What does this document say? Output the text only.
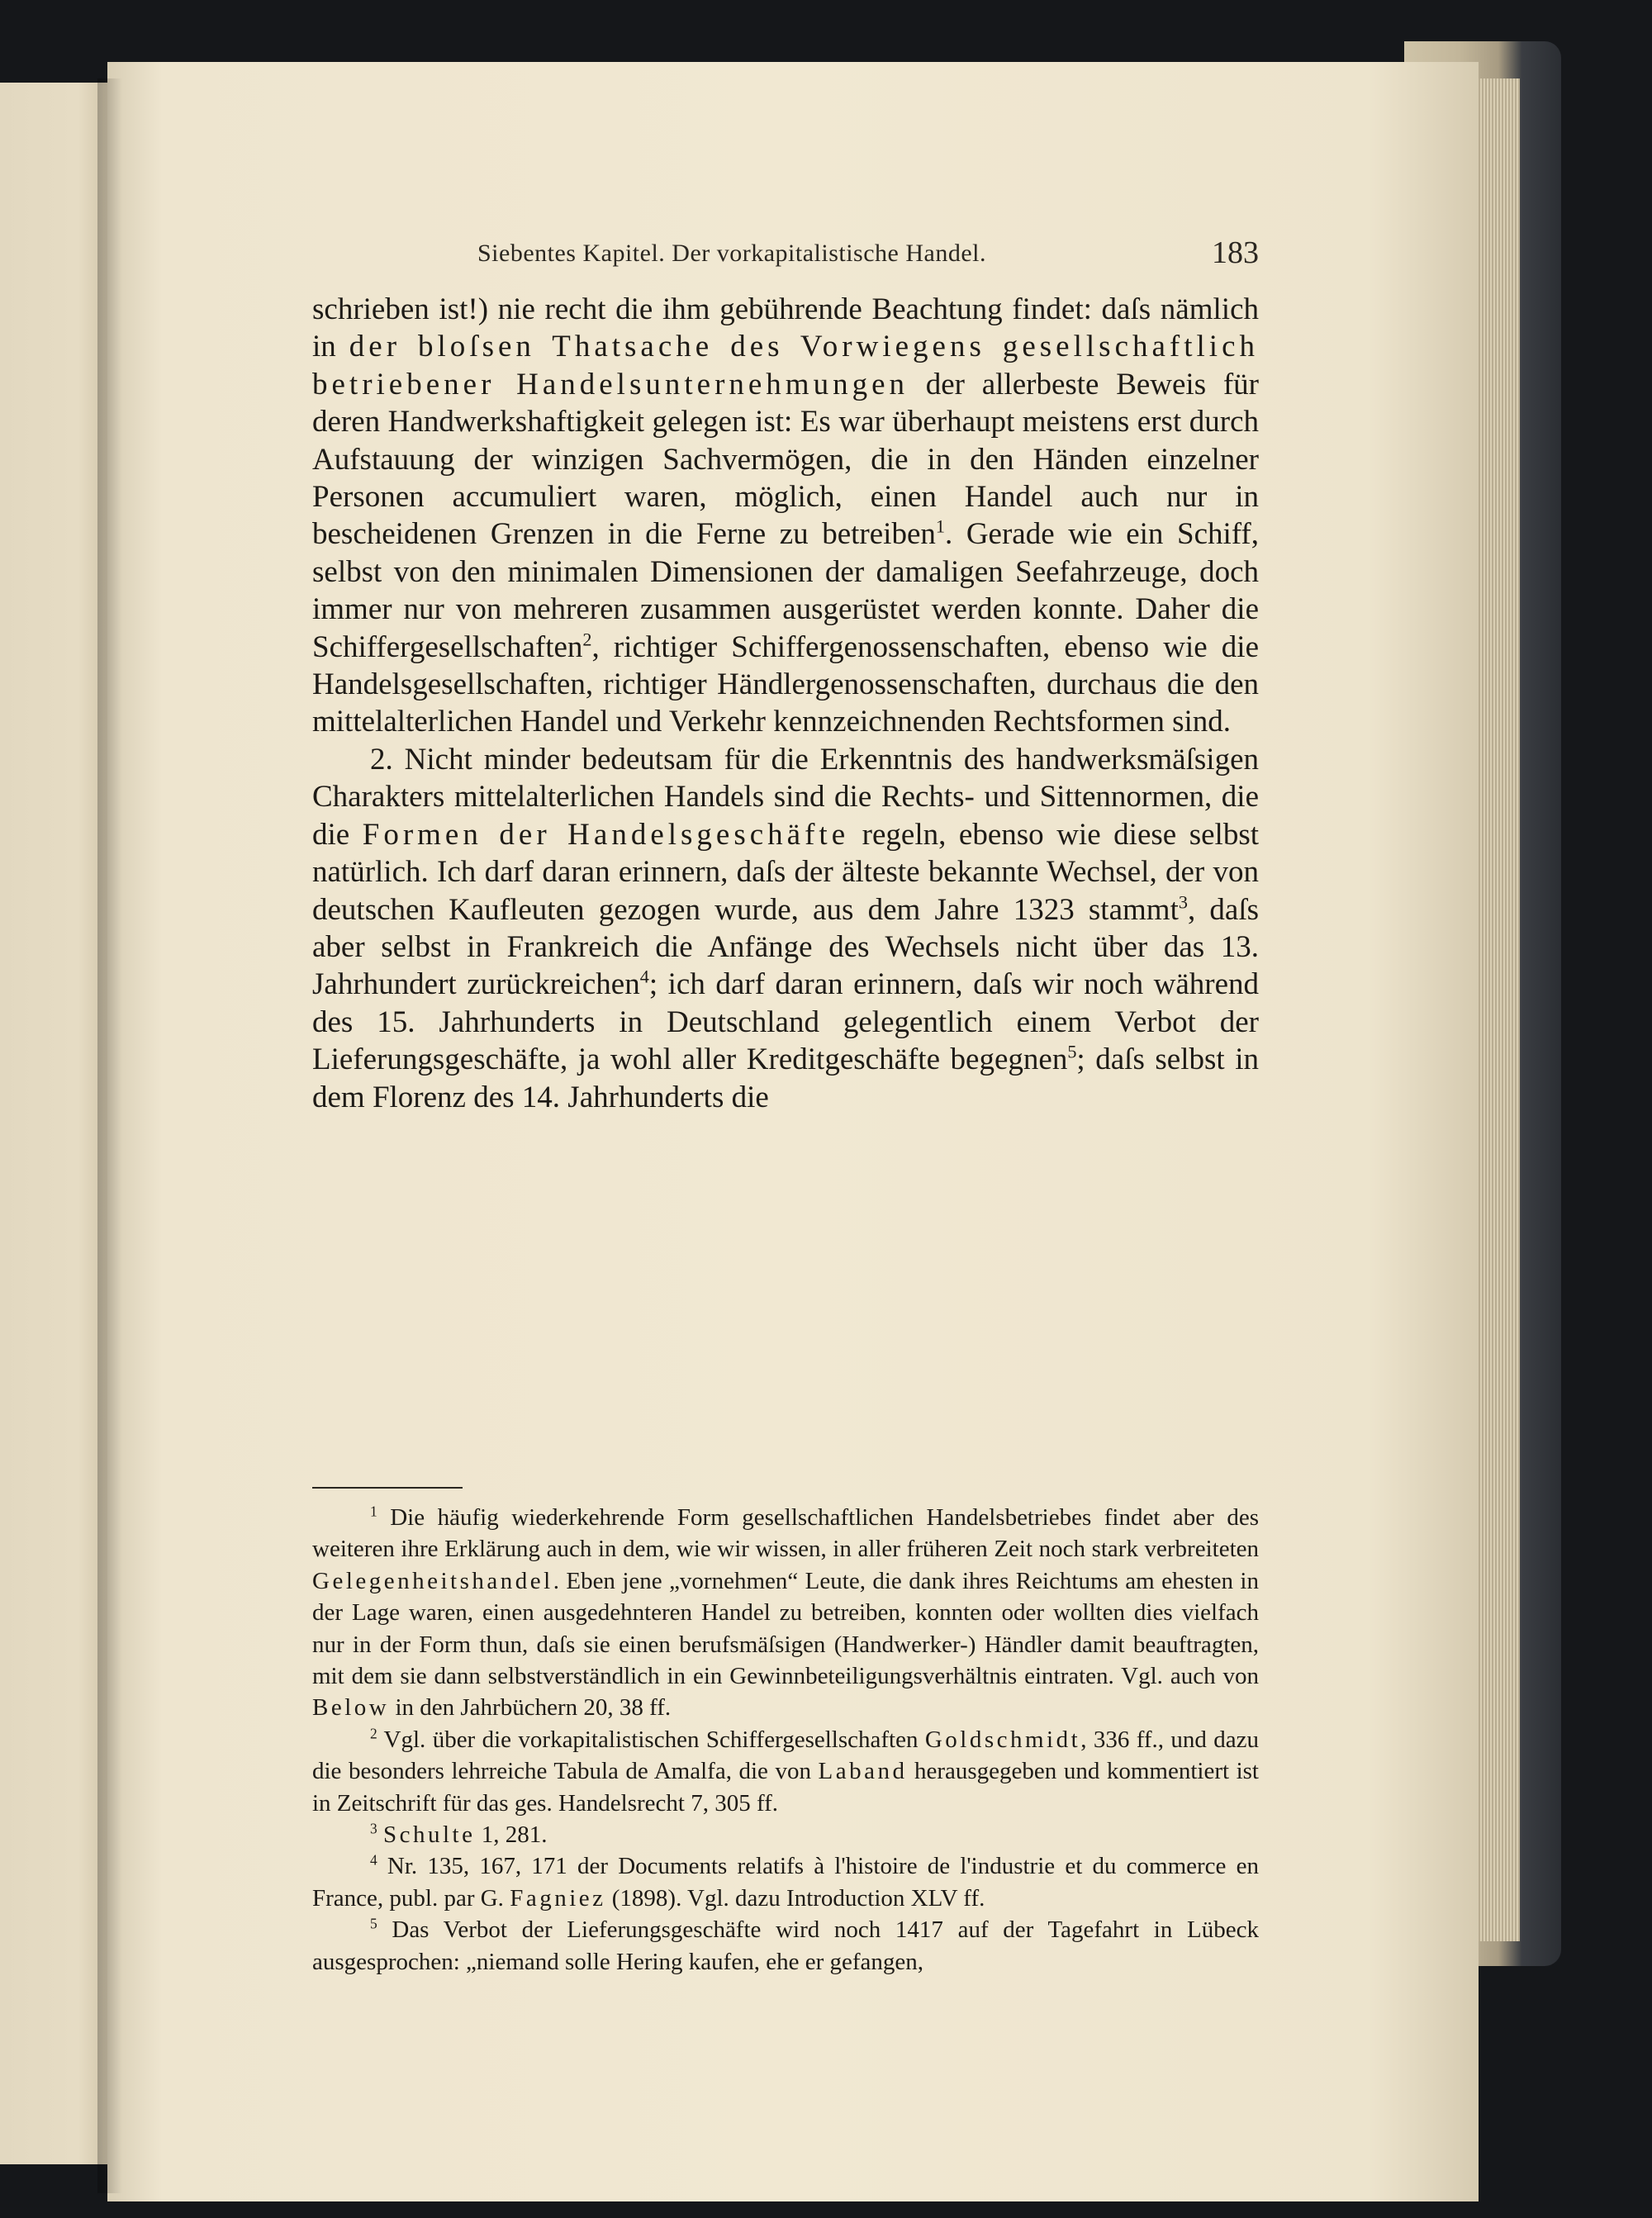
Siebentes Kapitel. Der vorkapitalistische Handel.	183

schrieben ist!) nie recht die ihm gebührende Beachtung findet: daſs nämlich in der bloſsen Thatsache des Vorwiegens gesellschaftlich betriebener Handelsunternehmungen der allerbeste Beweis für deren Handwerkshaftigkeit gelegen ist: Es war überhaupt meistens erst durch Aufstauung der winzigen Sachvermögen, die in den Händen einzelner Personen accumuliert waren, möglich, einen Handel auch nur in bescheidenen Grenzen in die Ferne zu betreiben$^1$. Gerade wie ein Schiff, selbst von den minimalen Dimensionen der damaligen Seefahrzeuge, doch immer nur von mehreren zusammen ausgerüstet werden konnte. Daher die Schiffergesellschaften$^2$, richtiger Schiffergenossenschaften, ebenso wie die Handelsgesellschaften, richtiger Händlergenossenschaften, durchaus die den mittelalterlichen Handel und Verkehr kennzeichnenden Rechtsformen sind.

2. Nicht minder bedeutsam für die Erkenntnis des handwerksmäſsigen Charakters mittelalterlichen Handels sind die Rechts- und Sittennormen, die die Formen der Handelsgeschäfte regeln, ebenso wie diese selbst natürlich. Ich darf daran erinnern, daſs der älteste bekannte Wechsel, der von deutschen Kaufleuten gezogen wurde, aus dem Jahre 1323 stammt$^3$, daſs aber selbst in Frankreich die Anfänge des Wechsels nicht über das 13. Jahrhundert zurückreichen$^4$; ich darf daran erinnern, daſs wir noch während des 15. Jahrhunderts in Deutschland gelegentlich einem Verbot der Lieferungsgeschäfte, ja wohl aller Kreditgeschäfte begegnen$^5$; daſs selbst in dem Florenz des 14. Jahrhunderts die

$^1$ Die häufig wiederkehrende Form gesellschaftlichen Handelsbetriebes findet aber des weiteren ihre Erklärung auch in dem, wie wir wissen, in aller früheren Zeit noch stark verbreiteten Gelegenheitshandel. Eben jene „vornehmen“ Leute, die dank ihres Reichtums am ehesten in der Lage waren, einen ausgedehnteren Handel zu betreiben, konnten oder wollten dies vielfach nur in der Form thun, daſs sie einen berufsmäſsigen (Handwerker-) Händler damit beauftragten, mit dem sie dann selbstverständlich in ein Gewinnbeteiligungsverhältnis eintraten. Vgl. auch von Below in den Jahrbüchern 20, 38 ff.

$^2$ Vgl. über die vorkapitalistischen Schiffergesellschaften Goldschmidt, 336 ff., und dazu die besonders lehrreiche Tabula de Amalfa, die von Laband herausgegeben und kommentiert ist in Zeitschrift für das ges. Handelsrecht 7, 305 ff.

$^3$ Schulte 1, 281.

$^4$ Nr. 135, 167, 171 der Documents relatifs à l'histoire de l'industrie et du commerce en France, publ. par G. Fagniez (1898). Vgl. dazu Introduction XLV ff.

$^5$ Das Verbot der Lieferungsgeschäfte wird noch 1417 auf der Tagefahrt in Lübeck ausgesprochen: „niemand solle Hering kaufen, ehe er gefangen,
